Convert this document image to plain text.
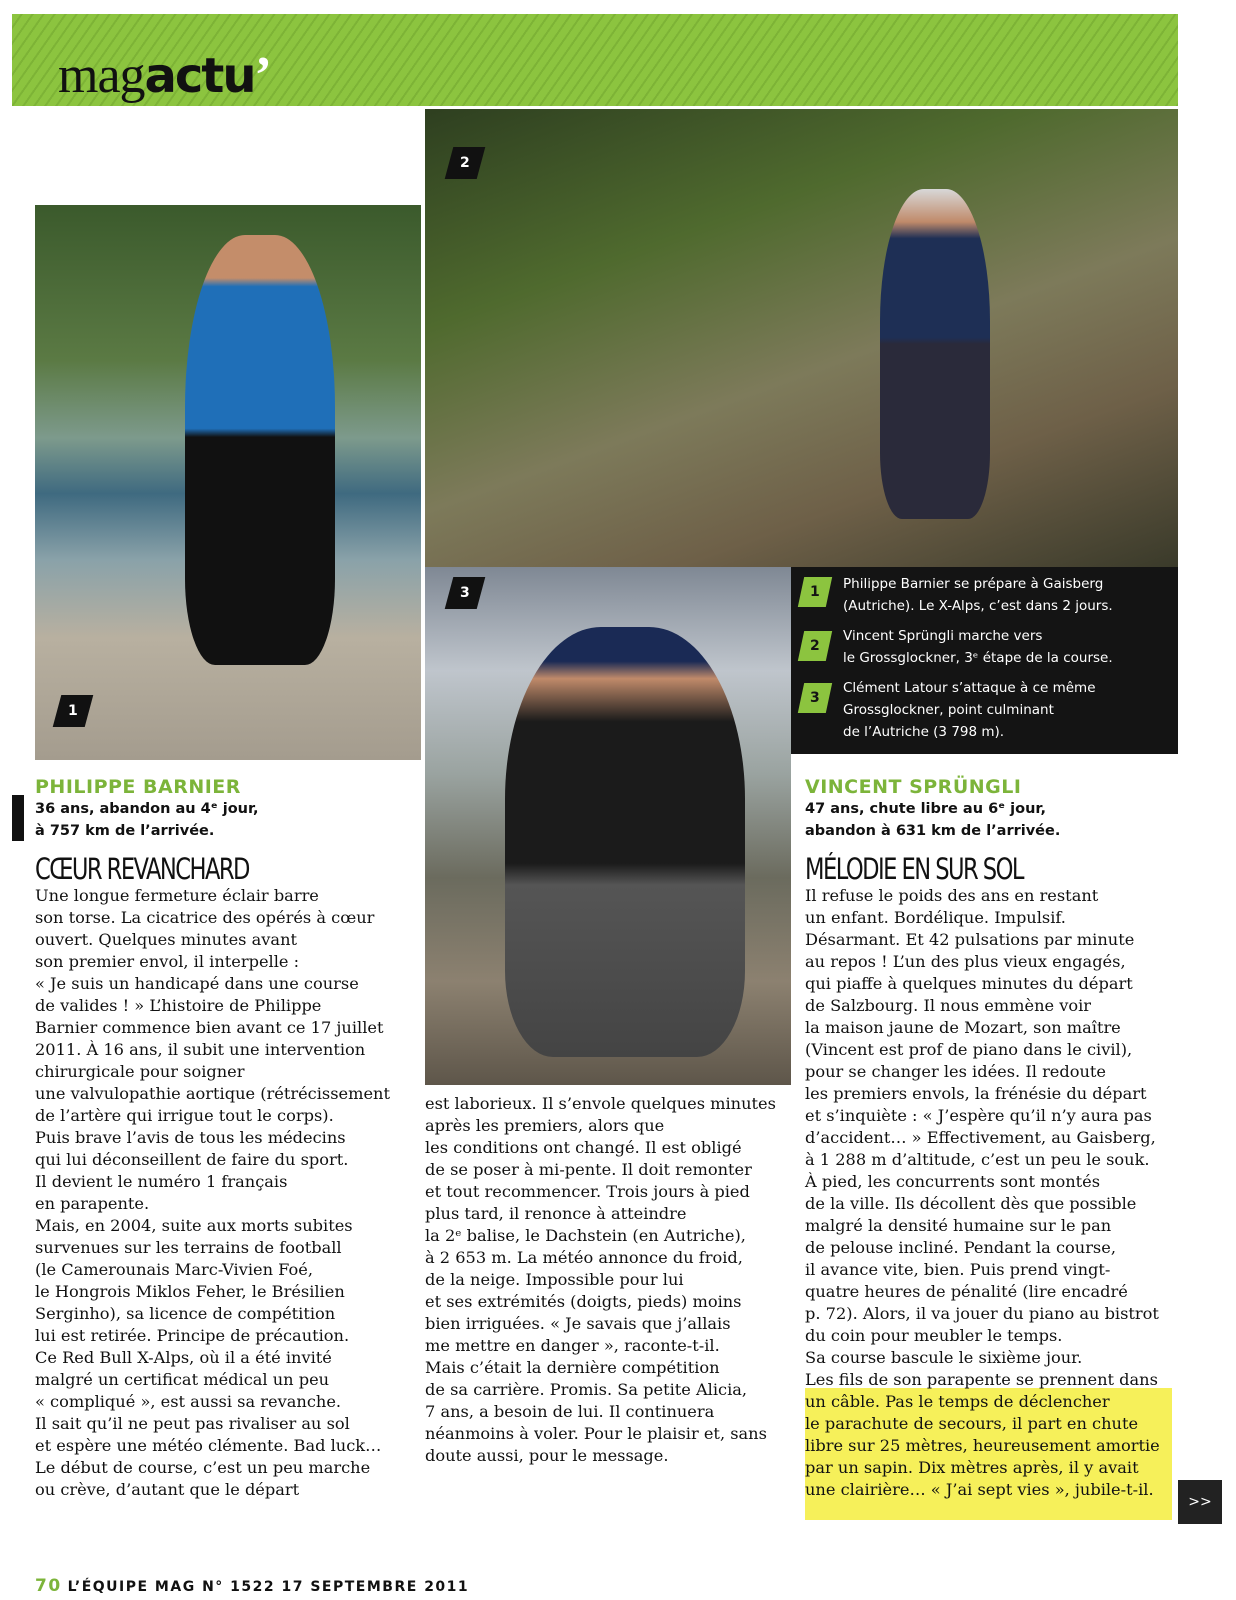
magactu’
1
2
3	1	Philippe Barnier se prépare à Gaisberg
(Autriche). Le X-Alps, c’est dans 2 jours.
2
Vincent Sprüngli marche vers
le Grossglockner, 3ᵉ étape de la course.
3
Clément Latour s’attaque à ce même
Grossglockner, point culminant
de l’Autriche (3 798 m).
PHILIPPE BARNIER
36 ans, abandon au 4ᵉ jour,
à 757 km de l’arrivée.
CŒUR REVANCHARD
VINCENT SPRÜNGLI
47 ans, chute libre au 6ᵉ jour,
abandon à 631 km de l’arrivée.
MÉLODIE EN SUR SOL
Une longue fermeture éclair barre
son torse. La cicatrice des opérés à cœur
ouvert. Quelques minutes avant
son premier envol, il interpelle :
« Je suis un handicapé dans une course
de valides ! » L’histoire de Philippe
Barnier commence bien avant ce 17 juillet
2011. À 16 ans, il subit une intervention
chirurgicale pour soigner
une valvulopathie aortique (rétrécissement
de l’artère qui irrigue tout le corps).
Puis brave l’avis de tous les médecins
qui lui déconseillent de faire du sport.
Il devient le numéro 1 français
en parapente.
Mais, en 2004, suite aux morts subites
survenues sur les terrains de football
(le Camerounais Marc-Vivien Foé,
le Hongrois Miklos Feher, le Brésilien
Serginho), sa licence de compétition
lui est retirée. Principe de précaution.
Ce Red Bull X-Alps, où il a été invité
malgré un certificat médical un peu
« compliqué », est aussi sa revanche.
Il sait qu’il ne peut pas rivaliser au sol
et espère une météo clémente. Bad luck…
Le début de course, c’est un peu marche
ou crève, d’autant que le départ
est laborieux. Il s’envole quelques minutes
après les premiers, alors que
les conditions ont changé. Il est obligé
de se poser à mi-pente. Il doit remonter
et tout recommencer. Trois jours à pied
plus tard, il renonce à atteindre
la 2ᵉ balise, le Dachstein (en Autriche),
à 2 653 m. La météo annonce du froid,
de la neige. Impossible pour lui
et ses extrémités (doigts, pieds) moins
bien irriguées. « Je savais que j’allais
me mettre en danger », raconte-t-il.
Mais c’était la dernière compétition
de sa carrière. Promis. Sa petite Alicia,
7 ans, a besoin de lui. Il continuera
néanmoins à voler. Pour le plaisir et, sans
doute aussi, pour le message.
Il refuse le poids des ans en restant
un enfant. Bordélique. Impulsif.
Désarmant. Et 42 pulsations par minute
au repos ! L’un des plus vieux engagés,
qui piaffe à quelques minutes du départ
de Salzbourg. Il nous emmène voir
la maison jaune de Mozart, son maître
(Vincent est prof de piano dans le civil),
pour se changer les idées. Il redoute
les premiers envols, la frénésie du départ
et s’inquiète : « J’espère qu’il n’y aura pas
d’accident… » Effectivement, au Gaisberg,
à 1 288 m d’altitude, c’est un peu le souk.
À pied, les concurrents sont montés
de la ville. Ils décollent dès que possible
malgré la densité humaine sur le pan
de pelouse incliné. Pendant la course,
il avance vite, bien. Puis prend vingt-
quatre heures de pénalité (lire encadré
p. 72). Alors, il va jouer du piano au bistrot
du coin pour meubler le temps.
Sa course bascule le sixième jour.
Les fils de son parapente se prennent dans
un câble. Pas le temps de déclencher
le parachute de secours, il part en chute
libre sur 25 mètres, heureusement amortie
par un sapin. Dix mètres après, il y avait
une clairière… « J’ai sept vies », jubile-t-il.
>>
70 L’ÉQUIPE MAG N° 1522 17 SEPTEMBRE 2011
